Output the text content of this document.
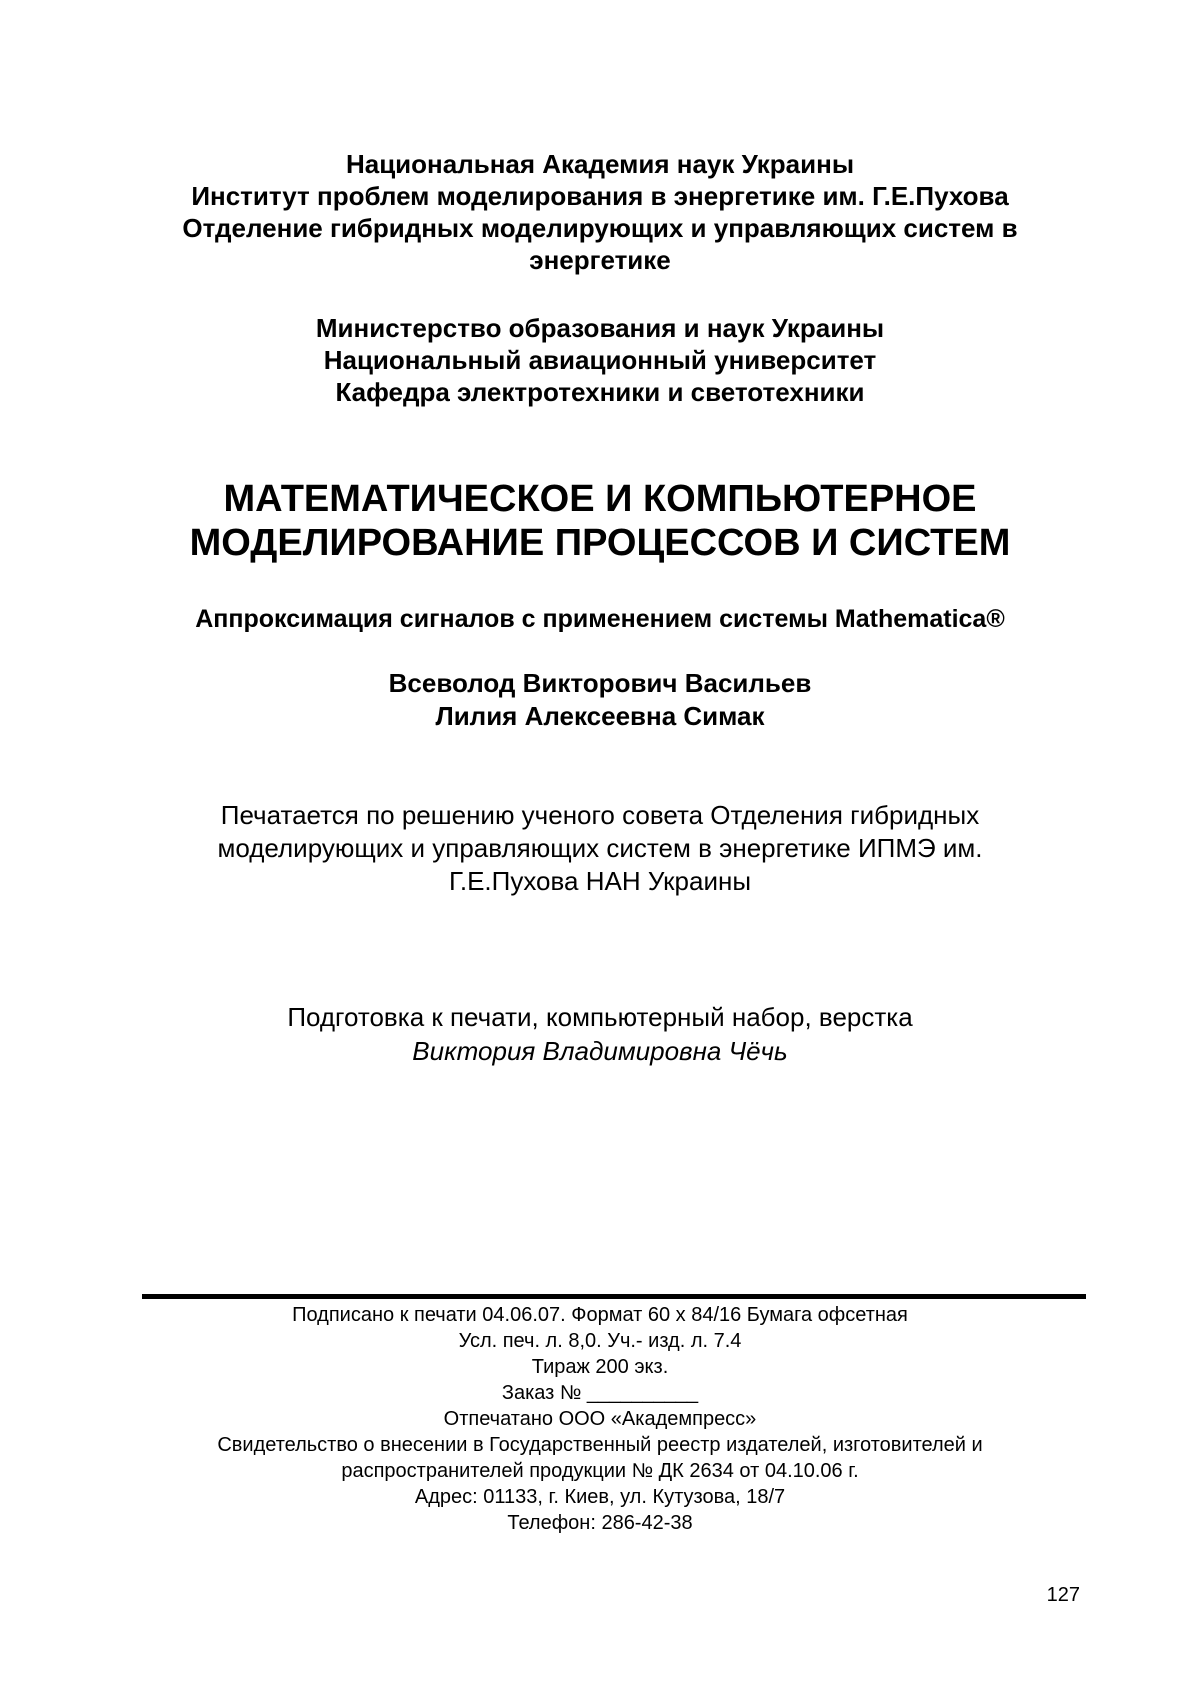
Национальная Академия наук Украины
Институт проблем моделирования в энергетике им. Г.Е.Пухова
Отделение гибридных моделирующих и управляющих систем в
энергетике
Министерство образования и наук Украины
Национальный авиационный университет
Кафедра электротехники и светотехники
МАТЕМАТИЧЕСКОЕ И КОМПЬЮТЕРНОЕ
МОДЕЛИРОВАНИЕ ПРОЦЕССОВ И СИСТЕМ
Аппроксимация сигналов с применением системы Mathematica®
Всеволод Викторович Васильев
Лилия Алексеевна Симак
Печатается по решению ученого совета Отделения гибридных
моделирующих и управляющих систем в энергетике ИПМЭ им.
Г.Е.Пухова НАН Украины
Подготовка к печати, компьютерный набор, верстка
Виктория Владимировна Чёчь
Подписано к печати 04.06.07. Формат 60 х 84/16 Бумага офсетная
Усл. печ. л. 8,0. Уч.- изд. л. 7.4
Тираж 200 экз.
Заказ № __________
Отпечатано ООО «Академпресс»
Свидетельство о внесении в Государственный реестр издателей, изготовителей и
распространителей продукции № ДК 2634 от 04.10.06 г.
Адрес: 01133, г. Киев, ул. Кутузова, 18/7
Телефон: 286-42-38
127
